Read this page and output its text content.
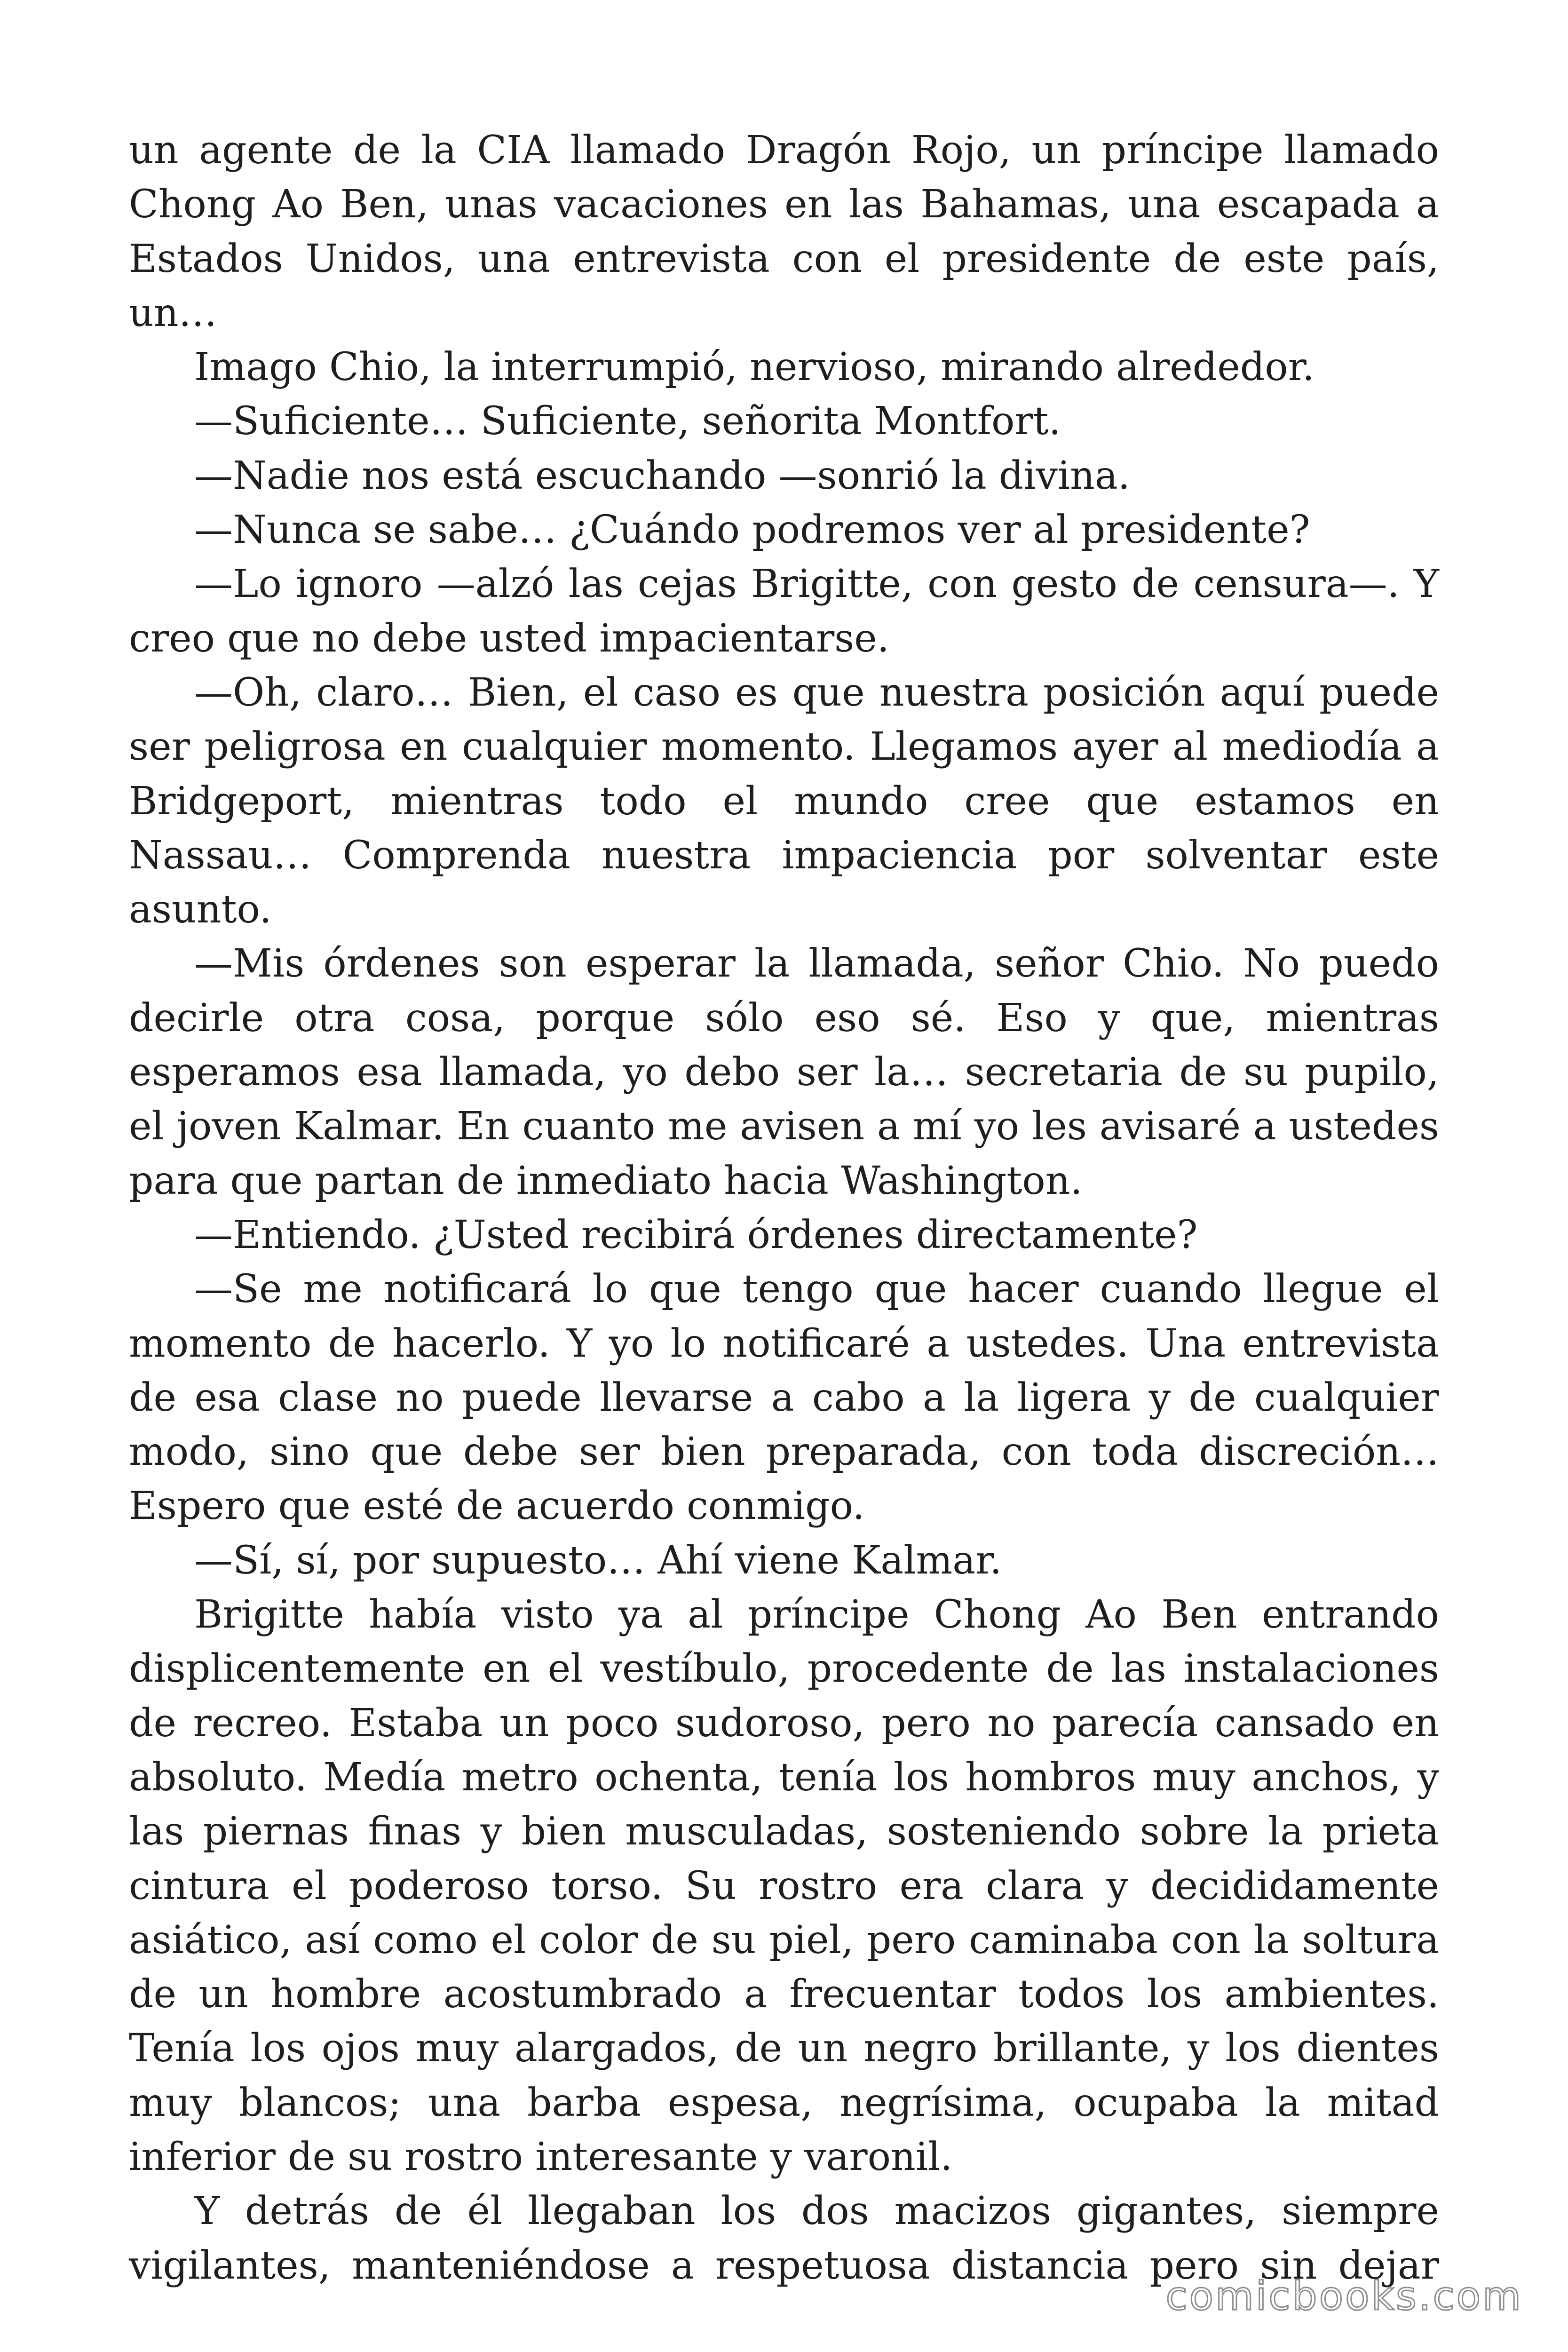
un agente de la CIA llamado Dragón Rojo, un príncipe llamado Chong Ao Ben, unas vacaciones en las Bahamas, una escapada a Estados Unidos, una entrevista con el presidente de este país, un…

Imago Chio, la interrumpió, nervioso, mirando alrededor.

—Suficiente… Suficiente, señorita Montfort.

—Nadie nos está escuchando —sonrió la divina.

—Nunca se sabe… ¿Cuándo podremos ver al presidente?

—Lo ignoro —alzó las cejas Brigitte, con gesto de censura—. Y creo que no debe usted impacientarse.

—Oh, claro… Bien, el caso es que nuestra posición aquí puede ser peligrosa en cualquier momento. Llegamos ayer al mediodía a Bridgeport, mientras todo el mundo cree que estamos en Nassau… Comprenda nuestra impaciencia por solventar este asunto.

—Mis órdenes son esperar la llamada, señor Chio. No puedo decirle otra cosa, porque sólo eso sé. Eso y que, mientras esperamos esa llamada, yo debo ser la… secretaria de su pupilo, el joven Kalmar. En cuanto me avisen a mí yo les avisaré a ustedes para que partan de inmediato hacia Washington.

—Entiendo. ¿Usted recibirá órdenes directamente?

—Se me notificará lo que tengo que hacer cuando llegue el momento de hacerlo. Y yo lo notificaré a ustedes. Una entrevista de esa clase no puede llevarse a cabo a la ligera y de cualquier modo, sino que debe ser bien preparada, con toda discreción… Espero que esté de acuerdo conmigo.

—Sí, sí, por supuesto… Ahí viene Kalmar.

Brigitte había visto ya al príncipe Chong Ao Ben entrando displicentemente en el vestíbulo, procedente de las instalaciones de recreo. Estaba un poco sudoroso, pero no parecía cansado en absoluto. Medía metro ochenta, tenía los hombros muy anchos, y las piernas finas y bien musculadas, sosteniendo sobre la prieta cintura el poderoso torso. Su rostro era clara y decididamente asiático, así como el color de su piel, pero caminaba con la soltura de un hombre acostumbrado a frecuentar todos los ambientes. Tenía los ojos muy alargados, de un negro brillante, y los dientes muy blancos; una barba espesa, negrísima, ocupaba la mitad inferior de su rostro interesante y varonil.

Y detrás de él llegaban los dos macizos gigantes, siempre vigilantes, manteniéndose a respetuosa distancia pero sin dejar

comicbooks.com
